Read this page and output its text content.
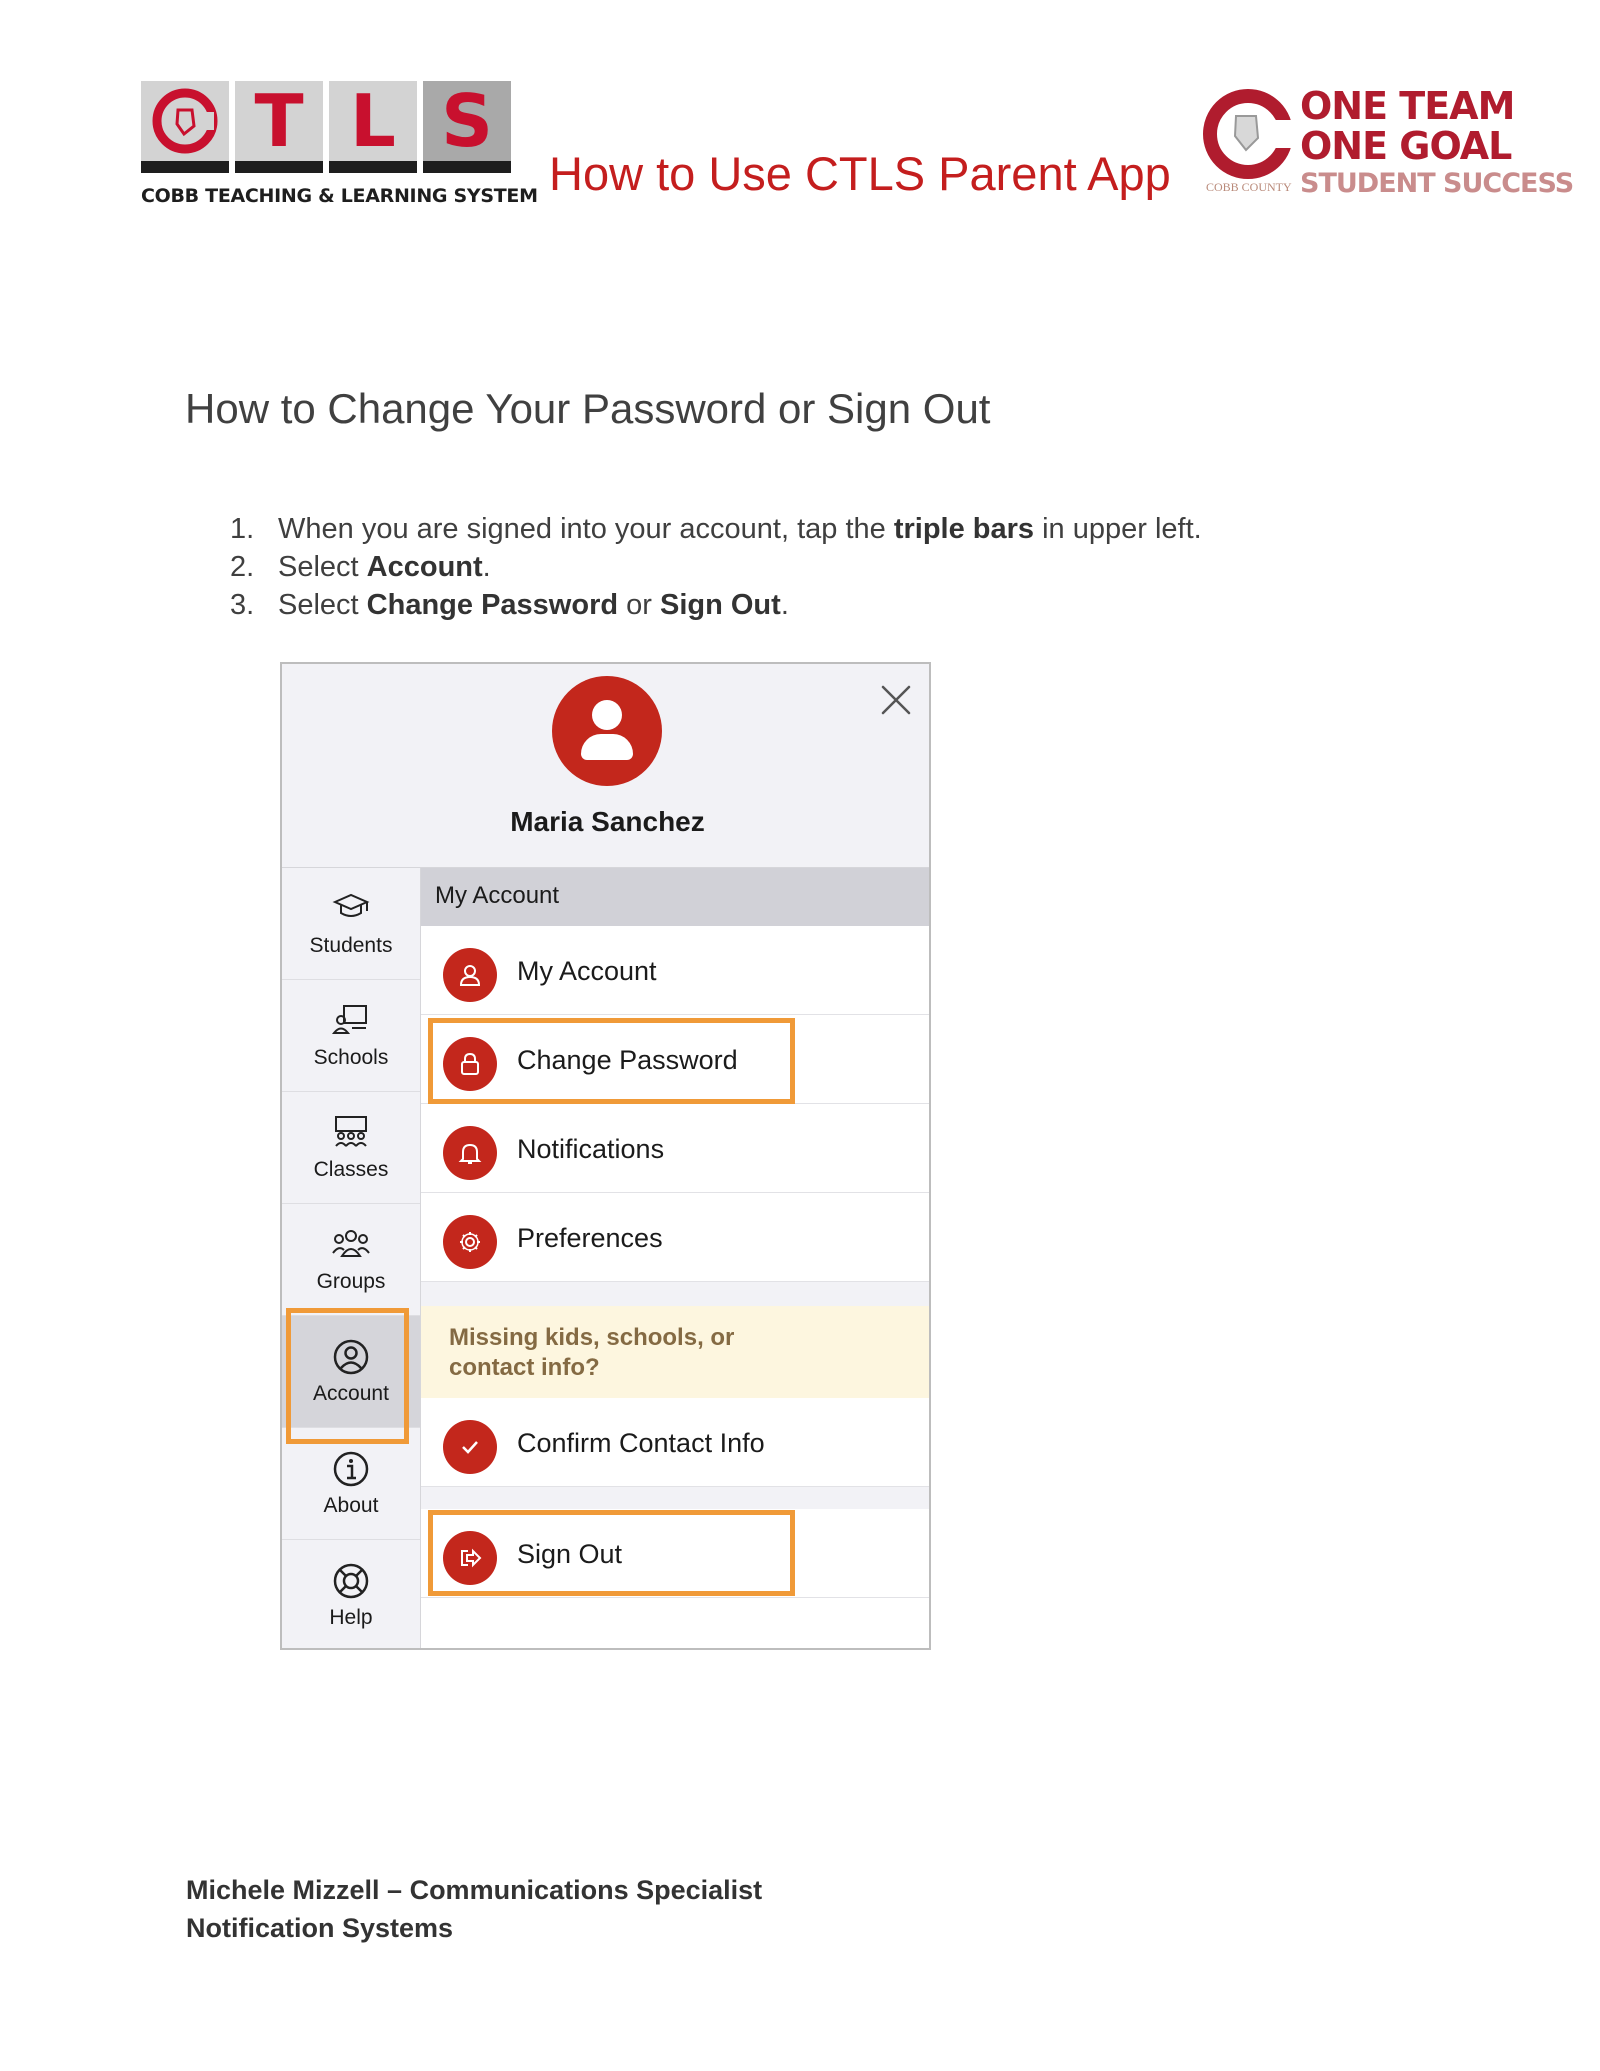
T L S
COBB TEACHING & LEARNING SYSTEM How to Use CTLS Parent App
ONE TEAM
ONE GOAL
STUDENT SUCCESS
COBB COUNTY
How to Change Your Password or Sign Out
1. When you are signed into your account, tap the triple bars in upper left.
2. Select Account.
3. Select Change Password or Sign Out.
Maria Sanchez
Students
Schools
Classes
Groups
Account
About
Help
My Account
My Account
Change Password
Notifications
Preferences
Missing kids, schools, or contact info?
Confirm Contact Info
Sign Out
Michele Mizzell – Communications Specialist
Notification Systems
